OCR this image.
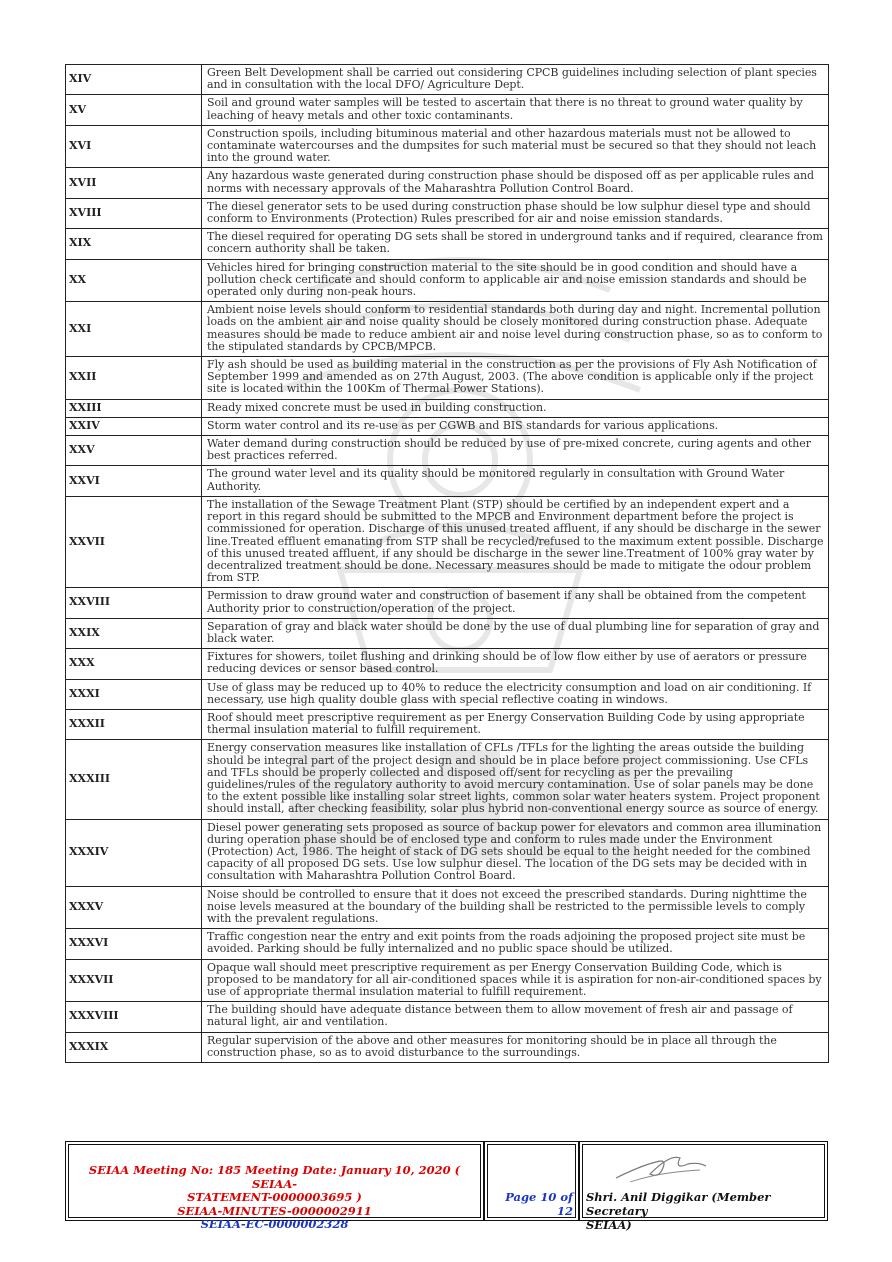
XIV	Green Belt Development shall be carried out considering CPCB guidelines including selection of plant species and in consultation with the local DFO/ Agriculture Dept.
XV	Soil and ground water samples will be tested to ascertain that there is no threat to ground water quality by leaching of heavy metals and other toxic contaminants.
XVI	Construction spoils, including bituminous material and other hazardous materials must not be allowed to contaminate watercourses and the dumpsites for such material must be secured so that they should not leach into the ground water.
XVII	Any hazardous waste generated during construction phase should be disposed off as per applicable rules and norms with necessary approvals of the Maharashtra Pollution Control Board.
XVIII	The diesel generator sets to be used during construction phase should be low sulphur diesel type and should conform to Environments (Protection) Rules prescribed for air and noise emission standards.
XIX	The diesel required for operating DG sets shall be stored in underground tanks and if required, clearance from concern authority shall be taken.
XX	Vehicles hired for bringing construction material to the site should be in good condition and should have a pollution check certificate and should conform to applicable air and noise emission standards and should be operated only during non-peak hours.
XXI	Ambient noise levels should conform to residential standards both during day and night. Incremental pollution loads on the ambient air and noise quality should be closely monitored during construction phase. Adequate measures should be made to reduce ambient air and noise level during construction phase, so as to conform to the stipulated standards by CPCB/MPCB.
XXII	Fly ash should be used as building material in the construction as per the provisions of Fly Ash Notification of September 1999 and amended as on 27th August, 2003. (The above condition is applicable only if the project site is located within the 100Km of Thermal Power Stations).
XXIII	Ready mixed concrete must be used in building construction.
XXIV	Storm water control and its re-use as per CGWB and BIS standards for various applications.
XXV	Water demand during construction should be reduced by use of pre-mixed concrete, curing agents and other best practices referred.
XXVI	The ground water level and its quality should be monitored regularly in consultation with Ground Water Authority.
XXVII	The installation of the Sewage Treatment Plant (STP) should be certified by an independent expert and a report in this regard should be submitted to the MPCB and Environment department before the project is commissioned for operation. Discharge of this unused treated affluent, if any should be discharge in the sewer line.Treated effluent emanating from STP shall be recycled/refused to the maximum extent possible. Discharge of this unused treated affluent, if any should be discharge in the sewer line.Treatment of 100% gray water by decentralized treatment should be done. Necessary measures should be made to mitigate the odour problem from STP.
XXVIII	Permission to draw ground water and construction of basement if any shall be obtained from the competent Authority prior to construction/operation of the project.
XXIX	Separation of gray and black water should be done by the use of dual plumbing line for separation of gray and black water.
XXX	Fixtures for showers, toilet flushing and drinking should be of low flow either by use of aerators or pressure reducing devices or sensor based control.
XXXI	Use of glass may be reduced up to 40% to reduce the electricity consumption and load on air conditioning. If necessary, use high quality double glass with special reflective coating in windows.
XXXII	Roof should meet prescriptive requirement as per Energy Conservation Building Code by using appropriate thermal insulation material to fulfill requirement.
XXXIII	Energy conservation measures like installation of CFLs /TFLs for the lighting the areas outside the building should be integral part of the project design and should be in place before project commissioning. Use CFLs and TFLs should be properly collected and disposed off/sent for recycling as per the prevailing guidelines/rules of the regulatory authority to avoid mercury contamination. Use of solar panels may be done to the extent possible like installing solar street lights, common solar water heaters system. Project proponent should install, after checking feasibility, solar plus hybrid non-conventional energy source as source of energy.
XXXIV	Diesel power generating sets proposed as source of backup power for elevators and common area illumination during operation phase should be of enclosed type and conform to rules made under the Environment (Protection) Act, 1986. The height of stack of DG sets should be equal to the height needed for the combined capacity of all proposed DG sets. Use low sulphur diesel. The location of the DG sets may be decided with in consultation with Maharashtra Pollution Control Board.
XXXV	Noise should be controlled to ensure that it does not exceed the prescribed standards. During nighttime the noise levels measured at the boundary of the building shall be restricted to the permissible levels to comply with the prevalent regulations.
XXXVI	Traffic congestion near the entry and exit points from the roads adjoining the proposed project site must be avoided. Parking should be fully internalized and no public space should be utilized.
XXXVII	Opaque wall should meet prescriptive requirement as per Energy Conservation Building Code, which is proposed to be mandatory for all air-conditioned spaces while it is aspiration for non-air-conditioned spaces by use of appropriate thermal insulation material to fulfill requirement.
XXXVIII	The building should have adequate distance between them to allow movement of fresh air and passage of natural light, air and ventilation.
XXXIX	Regular supervision of the above and other measures for monitoring should be in place all through the construction phase, so as to avoid disturbance to the surroundings.
SEIAA Meeting No: 185 Meeting Date: January 10, 2020 ( SEIAA-
STATEMENT-0000003695 )
SEIAA-MINUTES-0000002911
SEIAA-EC-0000002328
Page 10 of
12
Shri. Anil Diggikar (Member Secretary
SEIAA)
